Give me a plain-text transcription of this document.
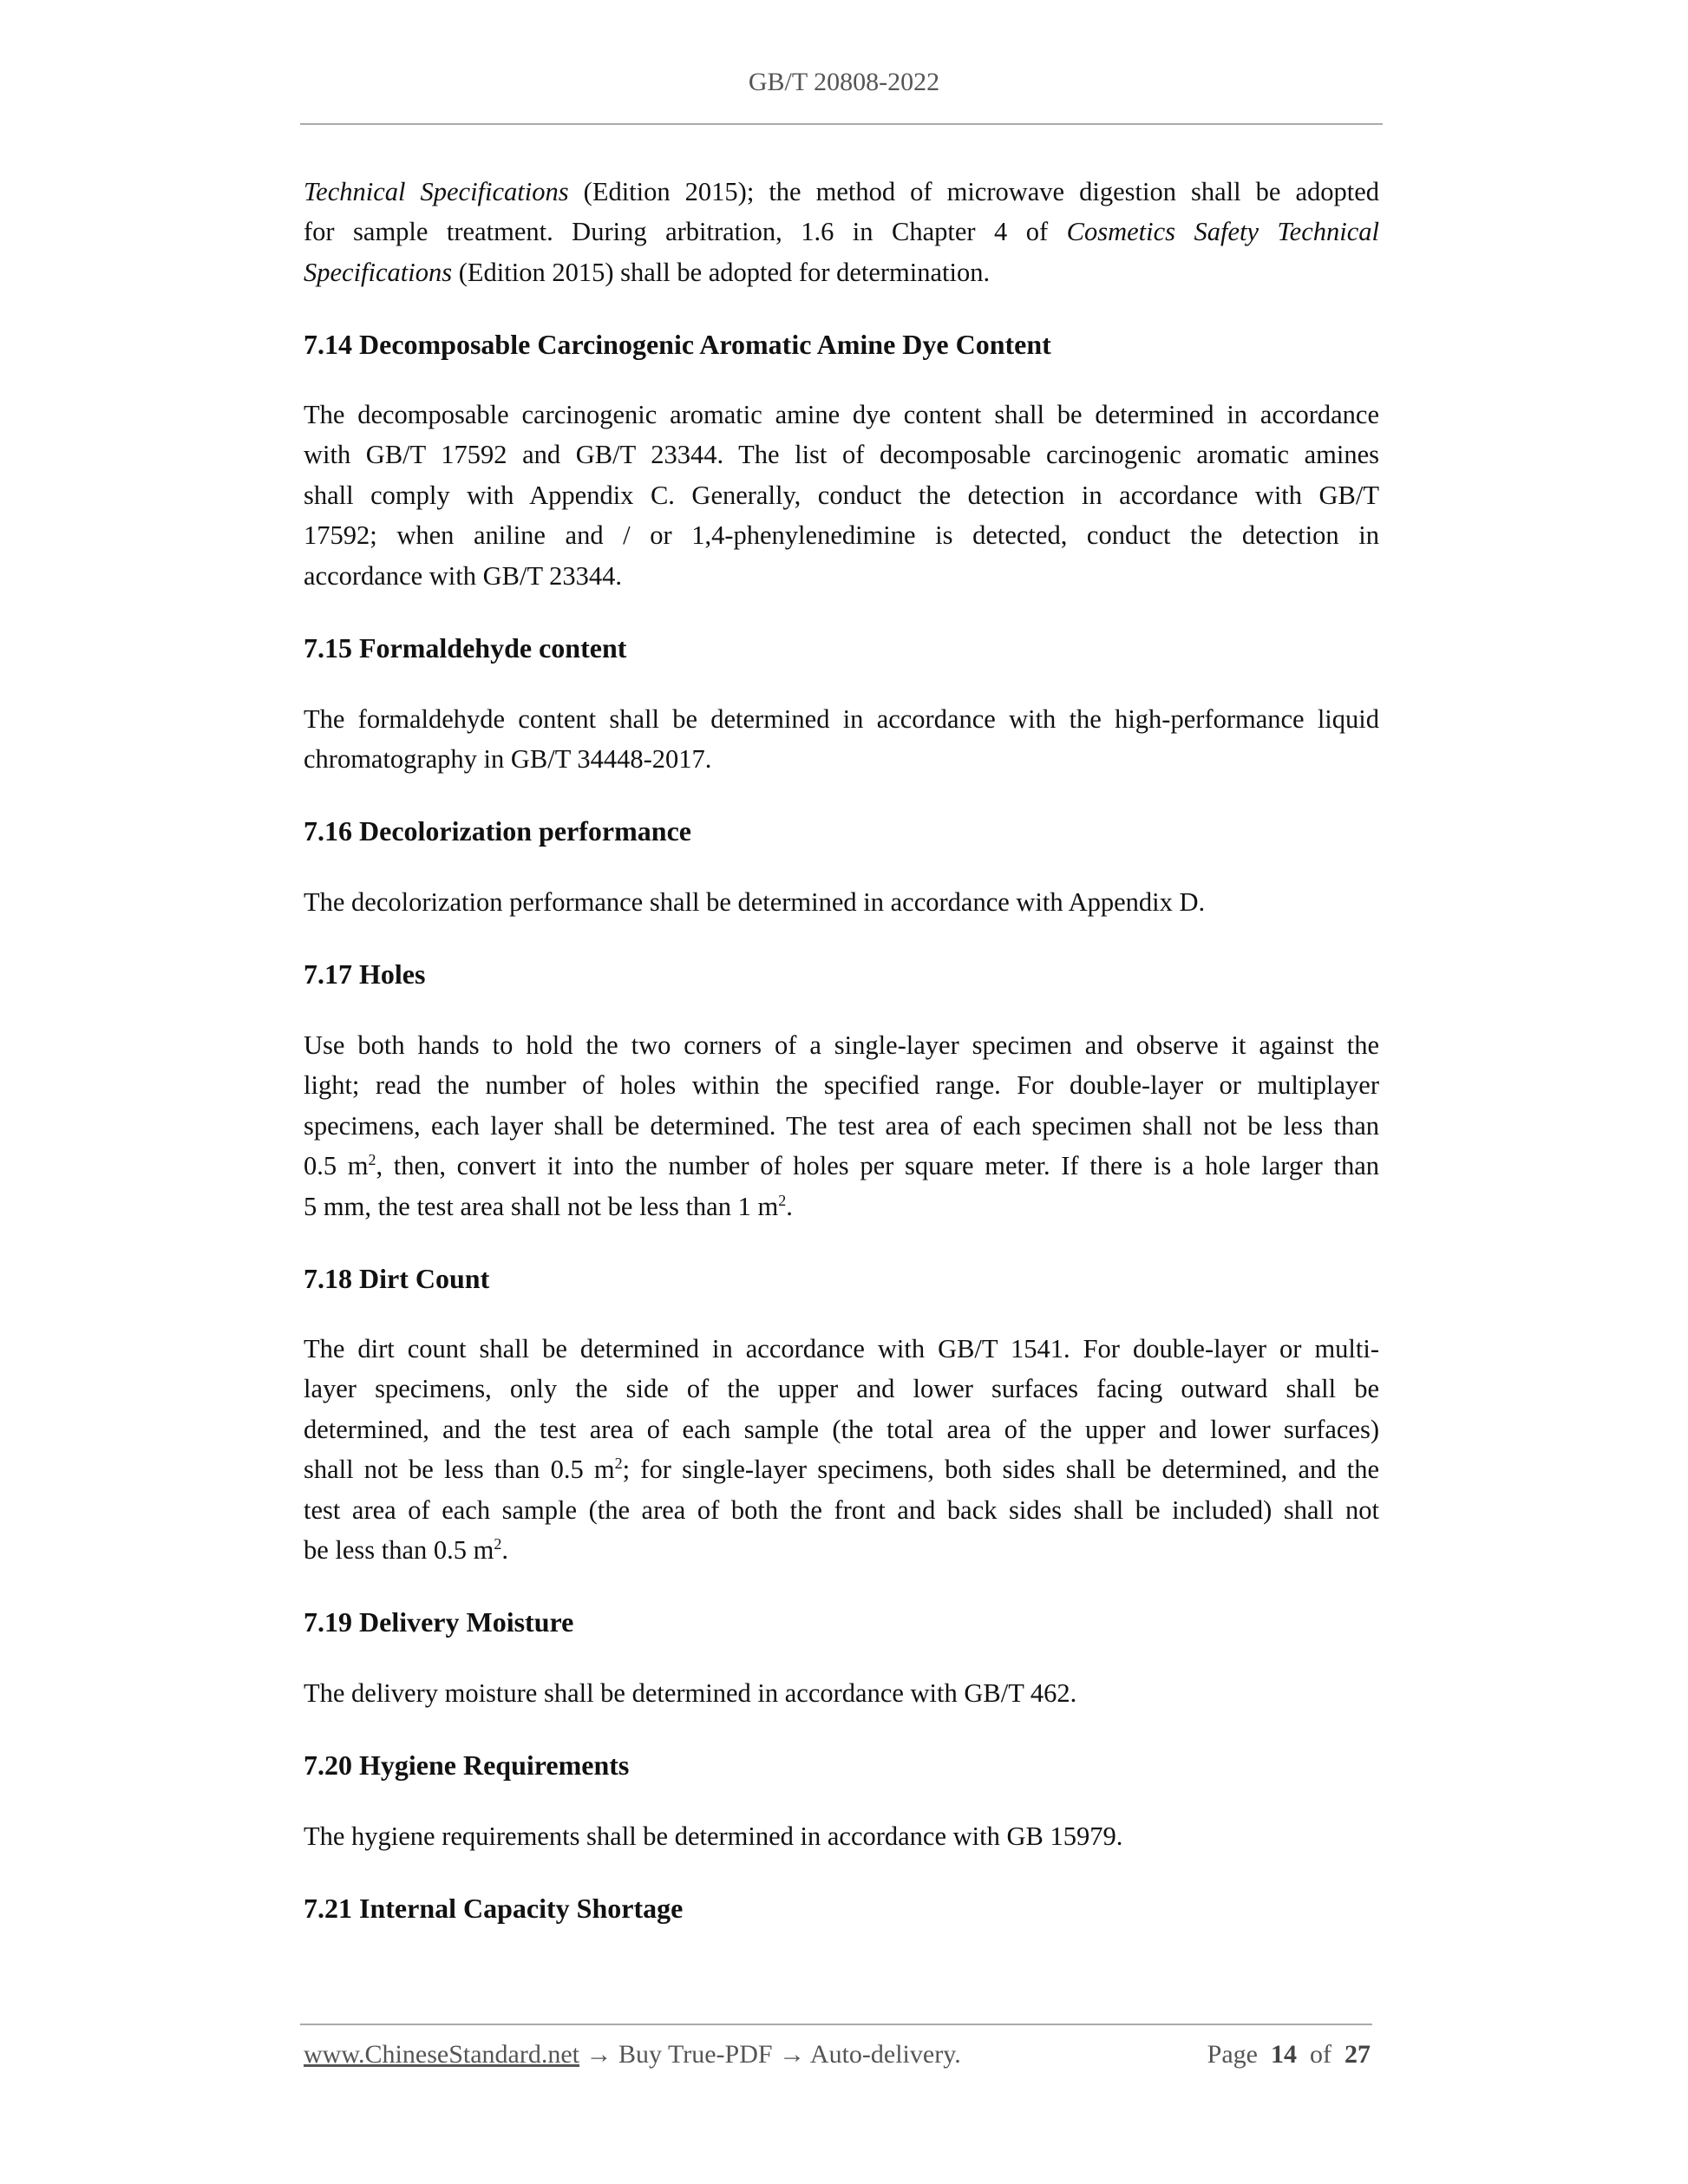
GB/T 20808-2022
Technical Specifications (Edition 2015); the method of microwave digestion shall be adopted
for sample treatment. During arbitration, 1.6 in Chapter 4 of Cosmetics Safety Technical
Specifications (Edition 2015) shall be adopted for determination.
7.14 Decomposable Carcinogenic Aromatic Amine Dye Content
The decomposable carcinogenic aromatic amine dye content shall be determined in accordance
with GB/T 17592 and GB/T 23344. The list of decomposable carcinogenic aromatic amines
shall comply with Appendix C. Generally, conduct the detection in accordance with GB/T
17592; when aniline and / or 1,4-phenylenedimine is detected, conduct the detection in
accordance with GB/T 23344.
7.15 Formaldehyde content
The formaldehyde content shall be determined in accordance with the high-performance liquid
chromatography in GB/T 34448-2017.
7.16 Decolorization performance
The decolorization performance shall be determined in accordance with Appendix D.
7.17 Holes
Use both hands to hold the two corners of a single-layer specimen and observe it against the
light; read the number of holes within the specified range. For double-layer or multiplayer
specimens, each layer shall be determined. The test area of each specimen shall not be less than
0.5 $m^2$, then, convert it into the number of holes per square meter. If there is a hole larger than
5 mm, the test area shall not be less than 1 $m^2$.
7.18 Dirt Count
The dirt count shall be determined in accordance with GB/T 1541. For double-layer or multi-
layer specimens, only the side of the upper and lower surfaces facing outward shall be
determined, and the test area of each sample (the total area of the upper and lower surfaces)
shall not be less than 0.5 $m^2$; for single-layer specimens, both sides shall be determined, and the
test area of each sample (the area of both the front and back sides shall be included) shall not
be less than 0.5 $m^2$.
7.19 Delivery Moisture
The delivery moisture shall be determined in accordance with GB/T 462.
7.20 Hygiene Requirements
The hygiene requirements shall be determined in accordance with GB 15979.
7.21 Internal Capacity Shortage
www.ChineseStandard.net → Buy True-PDF → Auto-delivery.	Page 14 of 27
